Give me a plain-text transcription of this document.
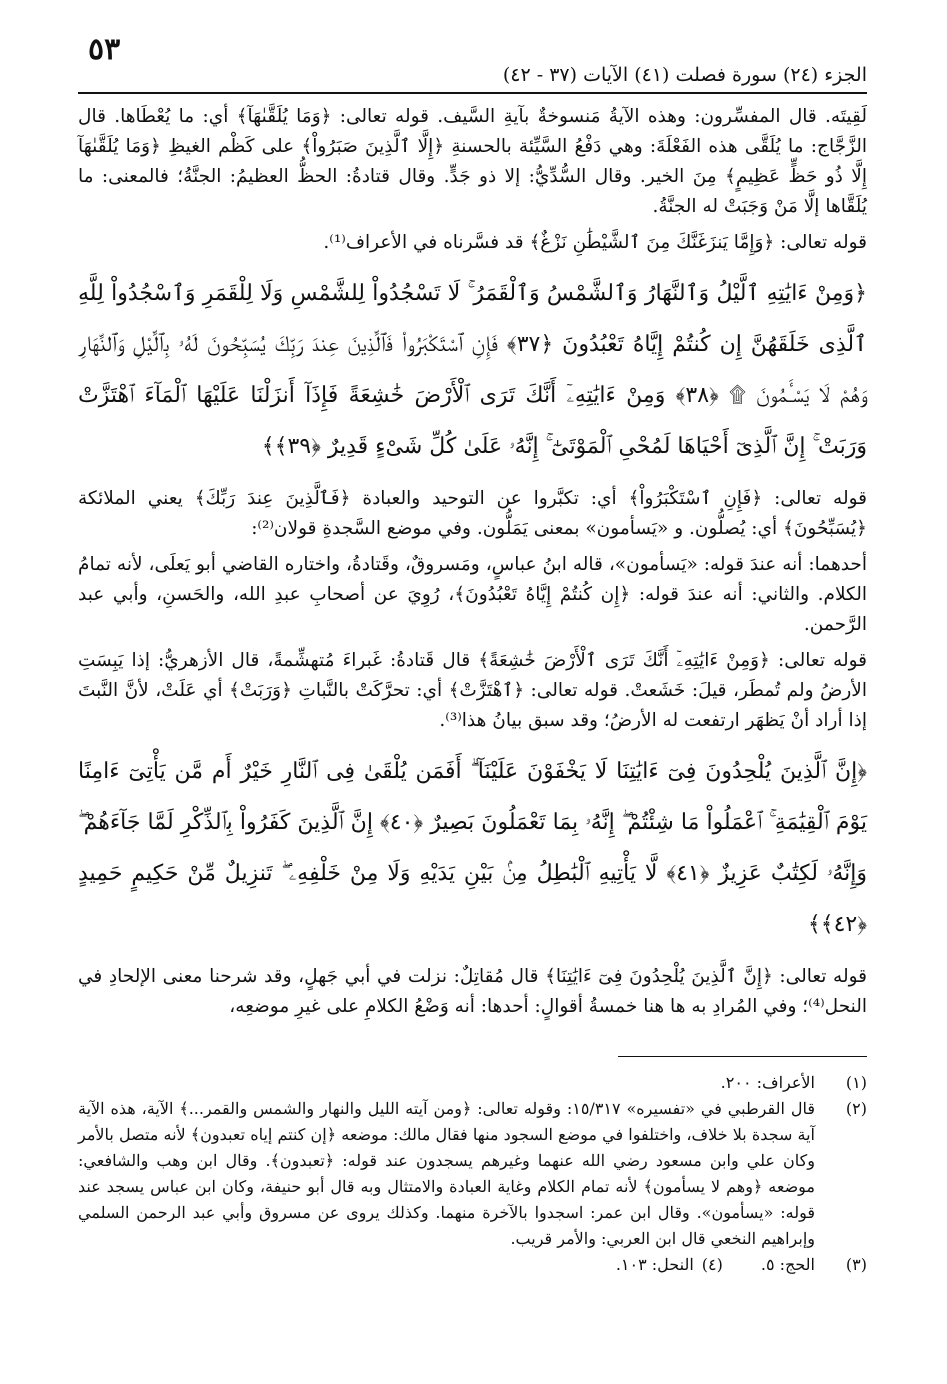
٥٣
الجزء (٢٤) سورة فصلت (٤١) الآيات (٣٧ - ٤٢)

لَقِيتَه. قال المفسِّرون: وهذه الآيةُ مَنسوخةٌ بآيةِ السَّيف. قوله تعالى: ﴿وَمَا يُلَقَّىٰهَآ﴾ أي: ما يُعْطَاها. قال الزَّجَّاج: ما يُلَقَّى هذه الفَعْلَةَ: وهي دَفْعُ السَّيِّئة بالحسنةِ ﴿إِلَّا ٱلَّذِينَ صَبَرُواْ﴾ على كَظْم الغيظِ ﴿وَمَا يُلَقَّىٰهَآ إِلَّا ذُو حَظٍّ عَظِيمٍ﴾ مِنَ الخير. وقال السُّدِّيُّ: إلا ذو جَدٍّ. وقال قتادةُ: الحظُّ العظيمُ: الجنَّةُ؛ فالمعنى: ما يُلَقَّاها إلَّا مَنْ وَجَبَتْ له الجنَّةُ.

قوله تعالى: ﴿وَإِمَّا يَنزَغَنَّكَ مِنَ ٱلشَّيْطَٰنِ نَزْغٌ﴾ قد فسَّرناه في الأعراف⁽¹⁾.

﴿وَمِنْ ءَايَٰتِهِ ٱلَّيْلُ وَٱلنَّهَارُ وَٱلشَّمْسُ وَٱلْقَمَرُ ۚ لَا تَسْجُدُواْ لِلشَّمْسِ وَلَا لِلْقَمَرِ وَٱسْجُدُواْ لِلَّهِ ٱلَّذِى خَلَقَهُنَّ إِن كُنتُمْ إِيَّاهُ تَعْبُدُونَ ﴿٣٧﴾ فَإِنِ ٱسْتَكْبَرُواْ فَٱلَّذِينَ عِندَ رَبِّكَ يُسَبِّحُونَ لَهُۥ بِٱلَّيْلِ وَٱلنَّهَارِ وَهُمْ لَا يَسْـَٔمُونَ ۩ ﴿٣٨﴾ وَمِنْ ءَايَٰتِهِۦٓ أَنَّكَ تَرَى ٱلْأَرْضَ خَٰشِعَةً فَإِذَآ أَنزَلْنَا عَلَيْهَا ٱلْمَآءَ ٱهْتَزَّتْ وَرَبَتْ ۚ إِنَّ ٱلَّذِىٓ أَحْيَاهَا لَمُحْىِ ٱلْمَوْتَىٰٓ ۚ إِنَّهُۥ عَلَىٰ كُلِّ شَىْءٍ قَدِيرٌ ﴿٣٩﴾﴾

قوله تعالى: ﴿فَإِنِ ٱسْتَكْبَرُواْ﴾ أي: تكبَّروا عن التوحيد والعبادة ﴿فَٱلَّذِينَ عِندَ رَبِّكَ﴾ يعني الملائكة ﴿يُسَبِّحُونَ﴾ أي: يُصلُّون. و «يَسأمون» بمعنى يَمَلُّون. وفي موضع السَّجدةِ قولان⁽²⁾:

أحدهما: أنه عندَ قوله: «يَسأمون»، قاله ابنُ عباسٍ، ومَسروقٌ، وقَتادةُ، واختاره القاضي أبو يَعلَى، لأنه تمامُ الكلام. والثاني: أنه عندَ قوله: ﴿إِن كُنتُمْ إِيَّاهُ تَعْبُدُونَ﴾، رُوِيَ عن أصحابِ عبدِ الله، والحَسنِ، وأبي عبد الرَّحمن.

قوله تعالى: ﴿وَمِنْ ءَايَٰتِهِۦٓ أَنَّكَ تَرَى ٱلْأَرْضَ خَٰشِعَةً﴾ قال قَتادةُ: غَبراءَ مُتهشِّمةً، قال الأزهريُّ: إذا يَبِسَتِ الأرضُ ولم تُمطَر، قيلَ: خَشَعتْ. قوله تعالى: ﴿ٱهْتَزَّتْ﴾ أي: تحرَّكَتْ بالنَّباتِ ﴿وَرَبَتْ﴾ أي عَلَتْ، لأنَّ النَّبتَ إذا أراد أنْ يَظهَر ارتفعت له الأرضُ؛ وقد سبق بيانُ هذا⁽³⁾.

﴿إِنَّ ٱلَّذِينَ يُلْحِدُونَ فِىٓ ءَايَٰتِنَا لَا يَخْفَوْنَ عَلَيْنَآ ۗ أَفَمَن يُلْقَىٰ فِى ٱلنَّارِ خَيْرٌ أَم مَّن يَأْتِىٓ ءَامِنًا يَوْمَ ٱلْقِيَٰمَةِ ۚ ٱعْمَلُواْ مَا شِئْتُمْ ۖ إِنَّهُۥ بِمَا تَعْمَلُونَ بَصِيرٌ ﴿٤٠﴾ إِنَّ ٱلَّذِينَ كَفَرُواْ بِٱلذِّكْرِ لَمَّا جَآءَهُمْ ۖ وَإِنَّهُۥ لَكِتَٰبٌ عَزِيزٌ ﴿٤١﴾ لَّا يَأْتِيهِ ٱلْبَٰطِلُ مِنۢ بَيْنِ يَدَيْهِ وَلَا مِنْ خَلْفِهِۦ ۖ تَنزِيلٌ مِّنْ حَكِيمٍ حَمِيدٍ ﴿٤٢﴾﴾

قوله تعالى: ﴿إِنَّ ٱلَّذِينَ يُلْحِدُونَ فِىٓ ءَايَٰتِنَا﴾ قال مُقاتِلٌ: نزلت في أبي جَهلٍ، وقد شرحنا معنى الإلحادِ في النحل⁽⁴⁾؛ وفي المُرادِ به ها هنا خمسةُ أقوالٍ: أحدها: أنه وَضْعُ الكلامِ على غيرِ موضعِه،

(١)
الأعراف: ٢٠٠.
(٢)
قال القرطبي في «تفسيره» ١٥/٣١٧: وقوله تعالى: ﴿ومن آيته الليل والنهار والشمس والقمر...﴾ الآية، هذه الآية آية سجدة بلا خلاف، واختلفوا في موضع السجود منها فقال مالك: موضعه ﴿إن كنتم إياه تعبدون﴾ لأنه متصل بالأمر وكان علي وابن مسعود رضي الله عنهما وغيرهم يسجدون عند قوله: ﴿تعبدون﴾. وقال ابن وهب والشافعي: موضعه ﴿وهم لا يسأمون﴾ لأنه تمام الكلام وغاية العبادة والامتثال وبه قال أبو حنيفة، وكان ابن عباس يسجد عند قوله: «يسأمون». وقال ابن عمر: اسجدوا بالآخرة منهما. وكذلك يروى عن مسروق وأبي عبد الرحمن السلمي وإبراهيم النخعي قال ابن العربي: والأمر قريب.
(٣)
الحج: ٥.
(٤)
النحل: ١٠٣.
